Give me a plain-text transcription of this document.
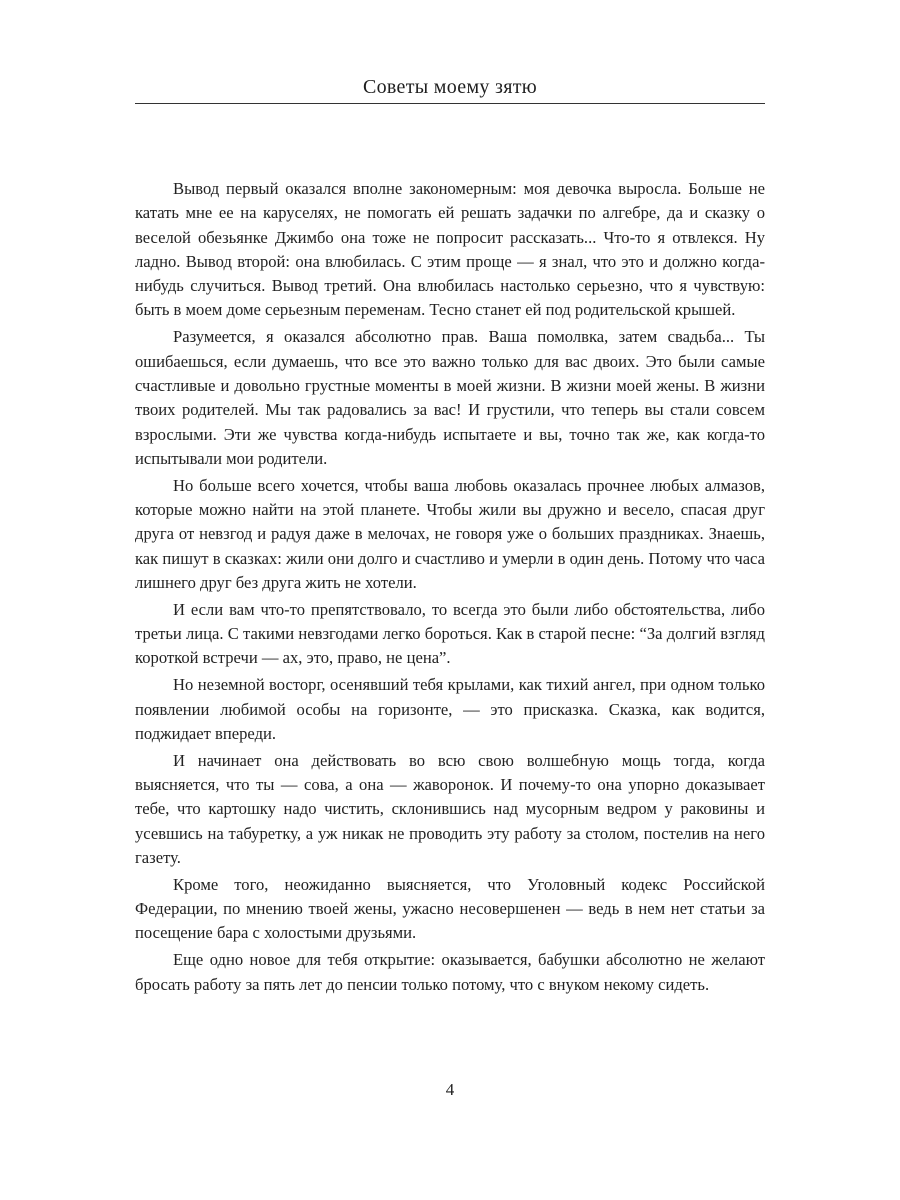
Советы моему зятю

Вывод первый оказался вполне закономерным: моя девочка выросла. Больше не катать мне ее на каруселях, не помогать ей решать задачки по алгебре, да и сказку о веселой обезьянке Джимбо она тоже не попросит рассказать... Что-то я отвлекся. Ну ладно. Вывод второй: она влюбилась. С этим проще — я знал, что это и должно когда-нибудь случиться. Вывод третий. Она влюбилась настолько серьезно, что я чувствую: быть в моем доме серьезным переменам. Тесно станет ей под родительской крышей.

Разумеется, я оказался абсолютно прав. Ваша помолвка, затем свадьба... Ты ошибаешься, если думаешь, что все это важно только для вас двоих. Это были самые счастливые и довольно грустные моменты в моей жизни. В жизни моей жены. В жизни твоих родителей. Мы так радовались за вас! И грустили, что теперь вы стали совсем взрослыми. Эти же чувства когда-нибудь испытаете и вы, точно так же, как когда-то испытывали мои родители.

Но больше всего хочется, чтобы ваша любовь оказалась прочнее любых алмазов, которые можно найти на этой планете. Чтобы жили вы дружно и весело, спасая друг друга от невзгод и радуя даже в мелочах, не говоря уже о больших праздниках. Знаешь, как пишут в сказках: жили они долго и счастливо и умерли в один день. Потому что часа лишнего друг без друга жить не хотели.

И если вам что-то препятствовало, то всегда это были либо обстоятельства, либо третьи лица. С такими невзгодами легко бороться. Как в старой песне: “За долгий взгляд короткой встречи — ах, это, право, не цена”.

Но неземной восторг, осенявший тебя крылами, как тихий ангел, при одном только появлении любимой особы на горизонте, — это присказка. Сказка, как водится, поджидает впереди.

И начинает она действовать во всю свою волшебную мощь тогда, когда выясняется, что ты — сова, а она — жаворонок. И почему-то она упорно доказывает тебе, что картошку надо чистить, склонившись над мусорным ведром у раковины и усевшись на табуретку, а уж никак не проводить эту работу за столом, постелив на него газету.

Кроме того, неожиданно выясняется, что Уголовный кодекс Российской Федерации, по мнению твоей жены, ужасно несовершенен — ведь в нем нет статьи за посещение бара с холостыми друзьями.

Еще одно новое для тебя открытие: оказывается, бабушки абсолютно не желают бросать работу за пять лет до пенсии только потому, что с внуком некому сидеть.

4
